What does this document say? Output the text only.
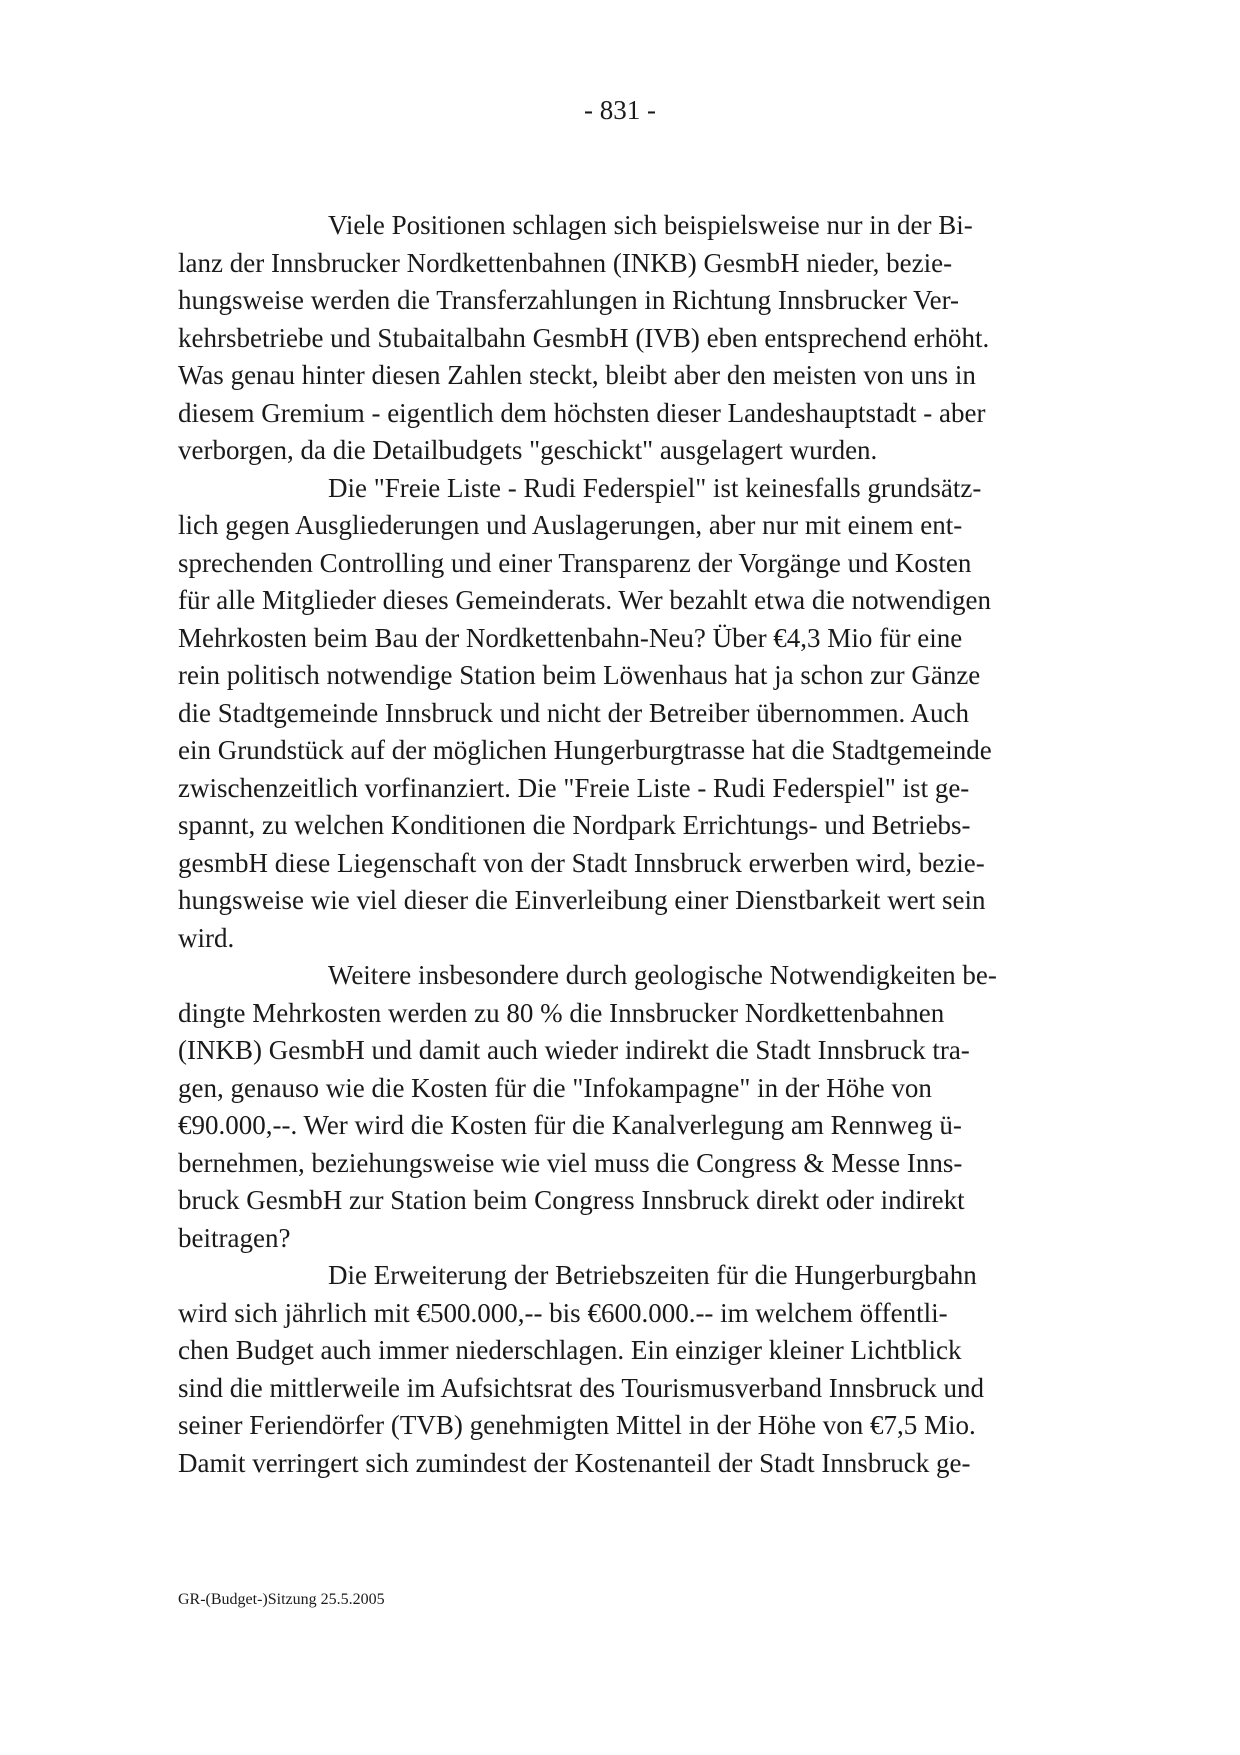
- 831 -
Viele Positionen schlagen sich beispielsweise nur in der Bi-
lanz der Innsbrucker Nordkettenbahnen (INKB) GesmbH nieder, bezie-
hungsweise werden die Transferzahlungen in Richtung Innsbrucker Ver-
kehrsbetriebe und Stubaitalbahn GesmbH (IVB) eben entsprechend erhöht.
Was genau hinter diesen Zahlen steckt, bleibt aber den meisten von uns in
diesem Gremium - eigentlich dem höchsten dieser Landeshauptstadt - aber
verborgen, da die Detailbudgets "geschickt" ausgelagert wurden.
Die "Freie Liste - Rudi Federspiel" ist keinesfalls grundsätz-
lich gegen Ausgliederungen und Auslagerungen, aber nur mit einem ent-
sprechenden Controlling und einer Transparenz der Vorgänge und Kosten
für alle Mitglieder dieses Gemeinderats. Wer bezahlt etwa die notwendigen
Mehrkosten beim Bau der Nordkettenbahn-Neu? Über €4,3 Mio für eine
rein politisch notwendige Station beim Löwenhaus hat ja schon zur Gänze
die Stadtgemeinde Innsbruck und nicht der Betreiber übernommen. Auch
ein Grundstück auf der möglichen Hungerburgtrasse hat die Stadtgemeinde
zwischenzeitlich vorfinanziert. Die "Freie Liste - Rudi Federspiel" ist ge-
spannt, zu welchen Konditionen die Nordpark Errichtungs- und Betriebs-
gesmbH diese Liegenschaft von der Stadt Innsbruck erwerben wird, bezie-
hungsweise wie viel dieser die Einverleibung einer Dienstbarkeit wert sein
wird.
Weitere insbesondere durch geologische Notwendigkeiten be-
dingte Mehrkosten werden zu 80 % die Innsbrucker Nordkettenbahnen
(INKB) GesmbH und damit auch wieder indirekt die Stadt Innsbruck tra-
gen, genauso wie die Kosten für die "Infokampagne" in der Höhe von
€90.000,--. Wer wird die Kosten für die Kanalverlegung am Rennweg ü-
bernehmen, beziehungsweise wie viel muss die Congress & Messe Inns-
bruck GesmbH zur Station beim Congress Innsbruck direkt oder indirekt
beitragen?
Die Erweiterung der Betriebszeiten für die Hungerburgbahn
wird sich jährlich mit €500.000,-- bis €600.000.-- im welchem öffentli-
chen Budget auch immer niederschlagen. Ein einziger kleiner Lichtblick
sind die mittlerweile im Aufsichtsrat des Tourismusverband Innsbruck und
seiner Feriendörfer (TVB) genehmigten Mittel in der Höhe von €7,5 Mio.
Damit verringert sich zumindest der Kostenanteil der Stadt Innsbruck ge-
GR-(Budget-)Sitzung 25.5.2005
